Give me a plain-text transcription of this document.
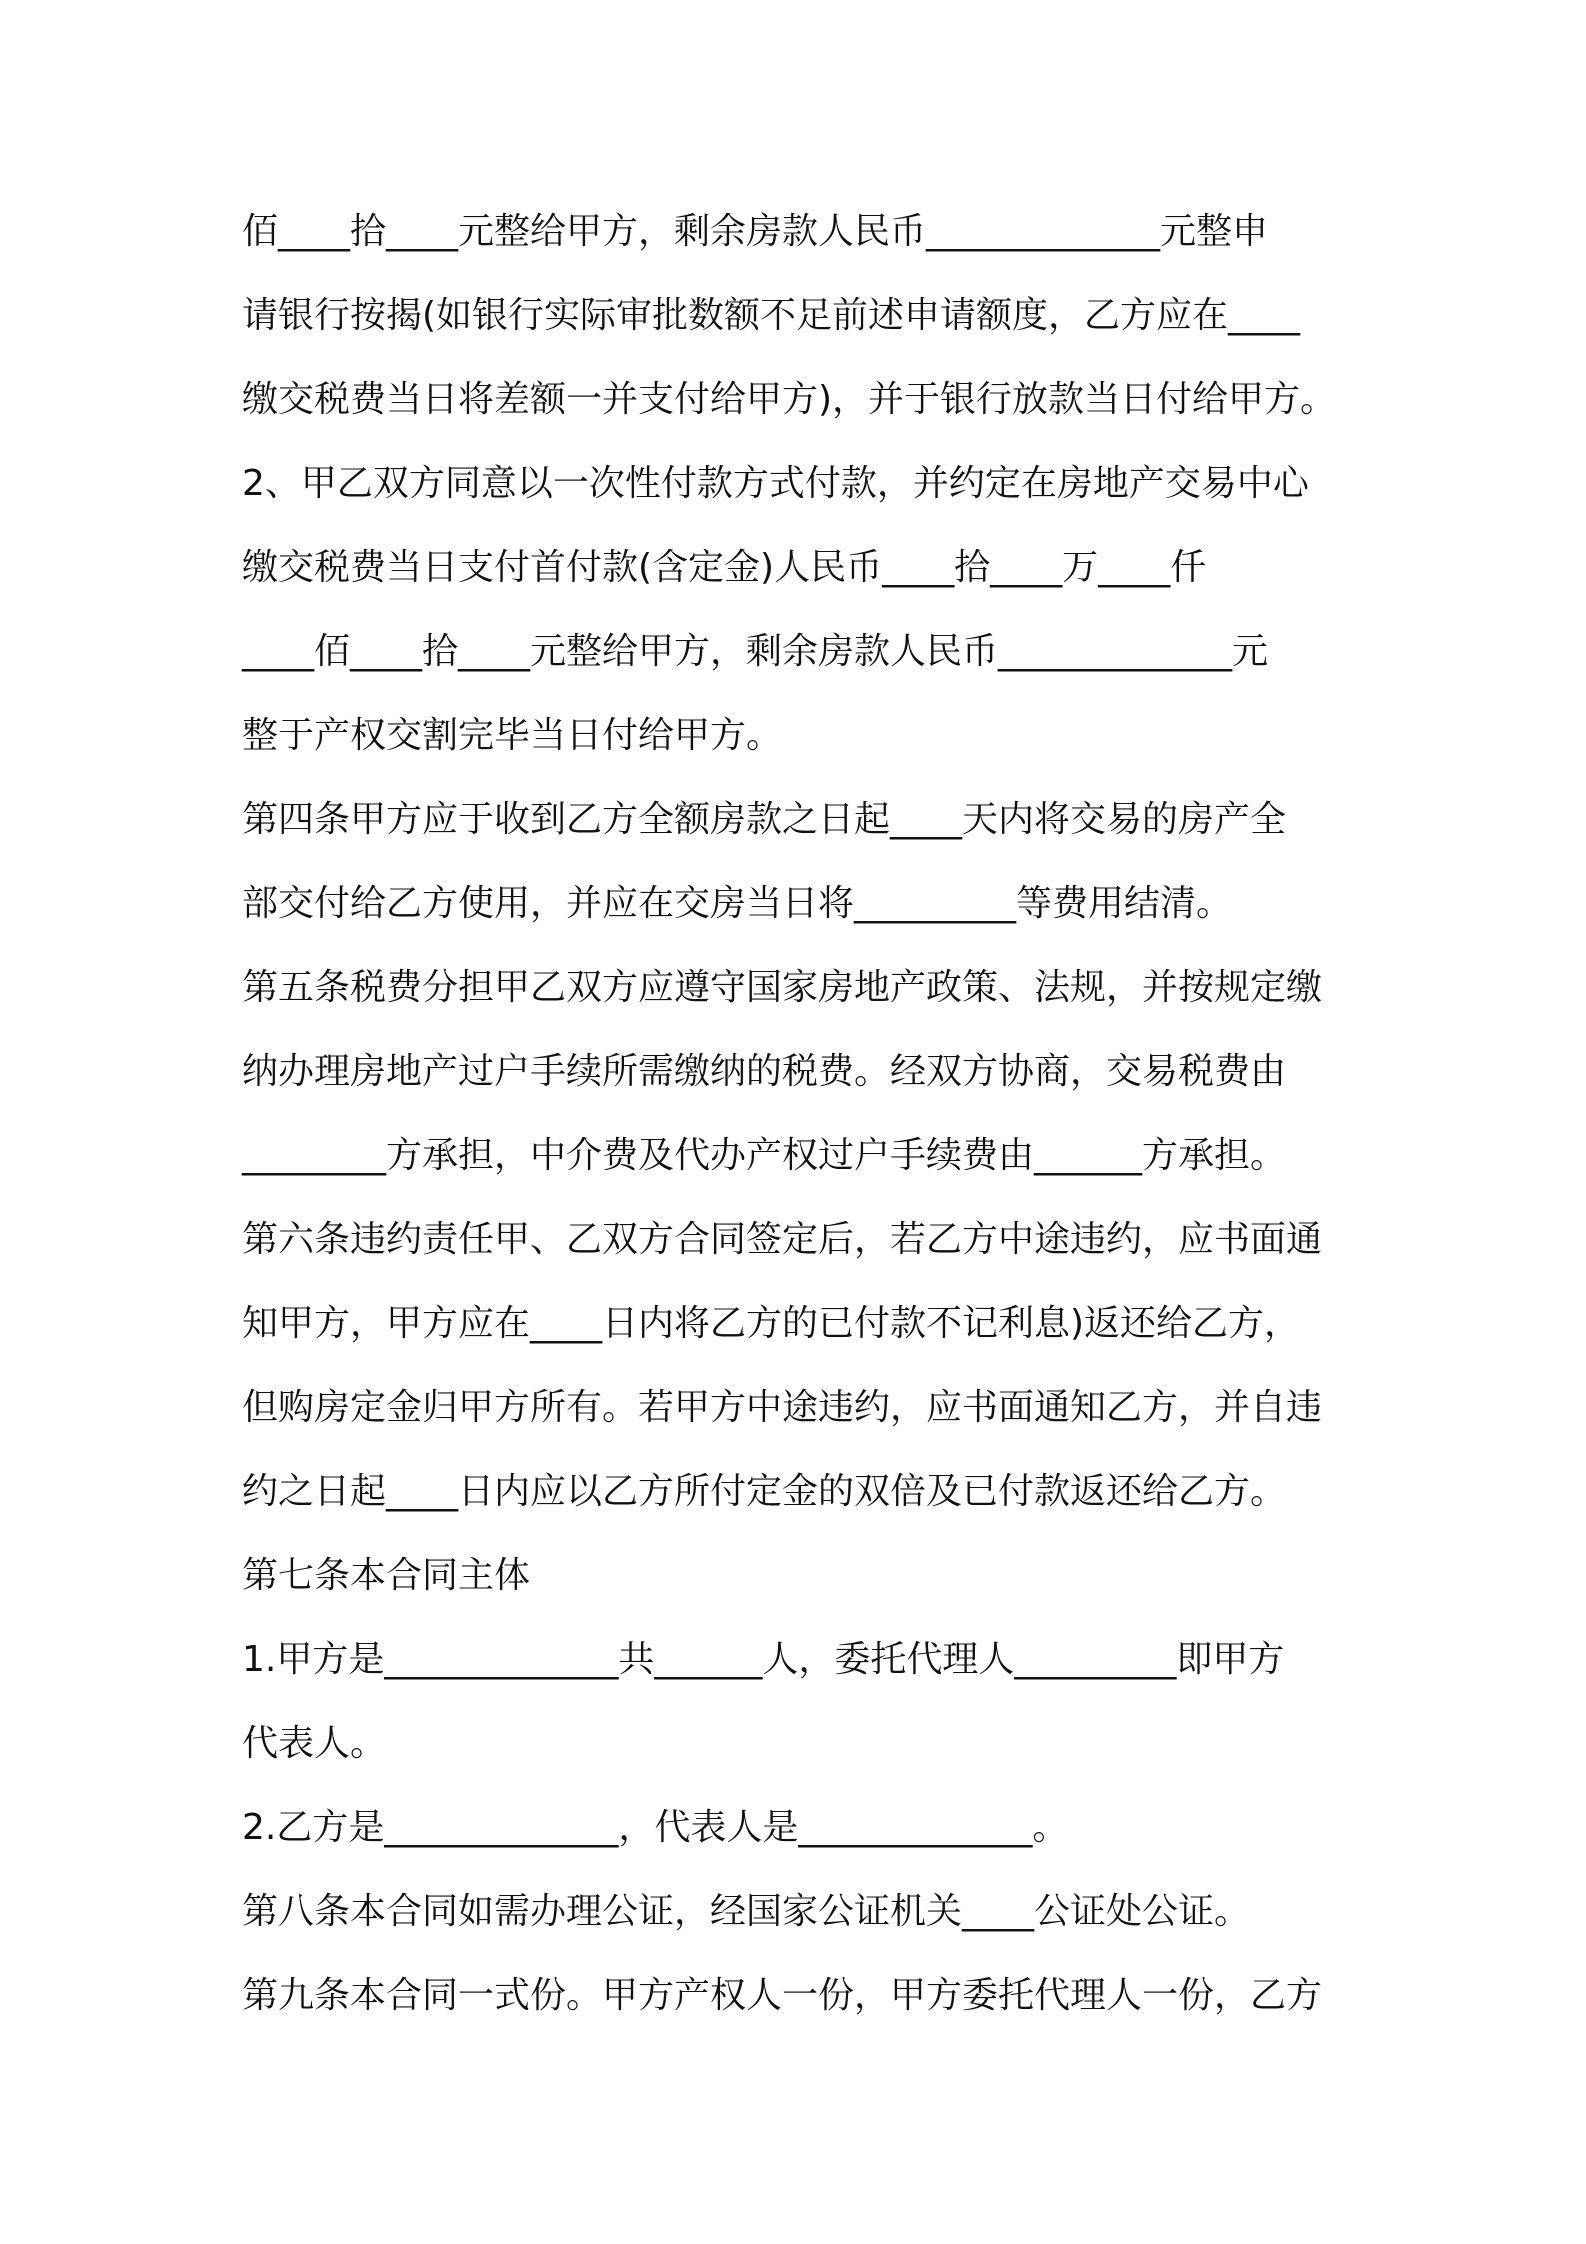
佰____拾____元整给甲方，剩余房款人民币_____________元整申
请银行按揭(如银行实际审批数额不足前述申请额度，乙方应在____
缴交税费当日将差额一并支付给甲方)，并于银行放款当日付给甲方。
2、甲乙双方同意以一次性付款方式付款，并约定在房地产交易中心
缴交税费当日支付首付款(含定金)人民币____拾____万____仟
____佰____拾____元整给甲方，剩余房款人民币_____________元
整于产权交割完毕当日付给甲方。
第四条甲方应于收到乙方全额房款之日起____天内将交易的房产全
部交付给乙方使用，并应在交房当日将_________等费用结清。
第五条税费分担甲乙双方应遵守国家房地产政策、法规，并按规定缴
纳办理房地产过户手续所需缴纳的税费。经双方协商，交易税费由
________方承担，中介费及代办产权过户手续费由______方承担。
第六条违约责任甲、乙双方合同签定后，若乙方中途违约，应书面通
知甲方，甲方应在____日内将乙方的已付款不记利息)返还给乙方，
但购房定金归甲方所有。若甲方中途违约，应书面通知乙方，并自违
约之日起____日内应以乙方所付定金的双倍及已付款返还给乙方。
第七条本合同主体
1.甲方是_____________共______人，委托代理人_________即甲方
代表人。
2.乙方是_____________，代表人是_____________。
第八条本合同如需办理公证，经国家公证机关____公证处公证。
第九条本合同一式份。甲方产权人一份，甲方委托代理人一份，乙方
